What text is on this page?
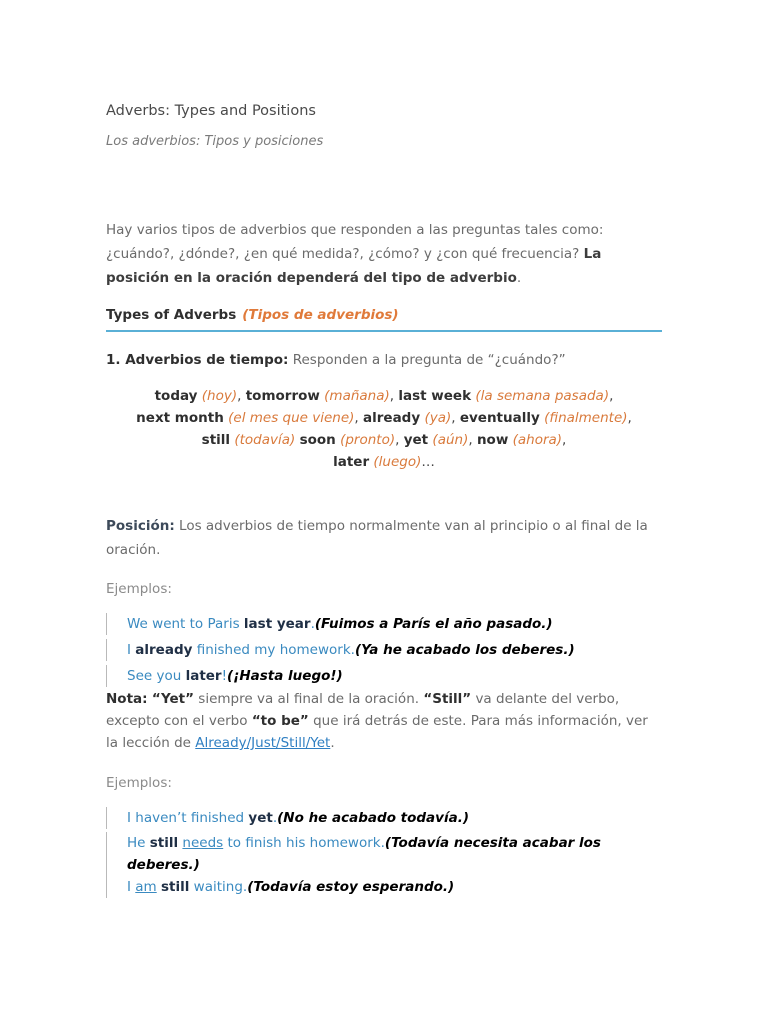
Adverbs: Types and Positions
Los adverbios: Tipos y posiciones
Hay varios tipos de adverbios que responden a las preguntas tales como: ¿cuándo?, ¿dónde?, ¿en qué medida?, ¿cómo? y ¿con qué frecuencia? La posición en la oración dependerá del tipo de adverbio.
Types of Adverbs (Tipos de adverbios)
1. Adverbios de tiempo: Responden a la pregunta de “¿cuándo?”
today (hoy), tomorrow (mañana), last week (la semana pasada),
next month (el mes que viene), already (ya), eventually (finalmente),
still (todavía) soon (pronto), yet (aún), now (ahora),
later (luego)…
Posición: Los adverbios de tiempo normalmente van al principio o al final de la oración.
Ejemplos:
We went to Paris last year.(Fuimos a París el año pasado.)
I already finished my homework.(Ya he acabado los deberes.)
See you later!(¡Hasta luego!)
Nota: “Yet” siempre va al final de la oración. “Still” va delante del verbo, excepto con el verbo “to be” que irá detrás de este. Para más información, ver la lección de Already/Just/Still/Yet.
Ejemplos:
I haven’t finished yet.(No he acabado todavía.)
He still needs to finish his homework.(Todavía necesita acabar los deberes.)
I am still waiting.(Todavía estoy esperando.)
